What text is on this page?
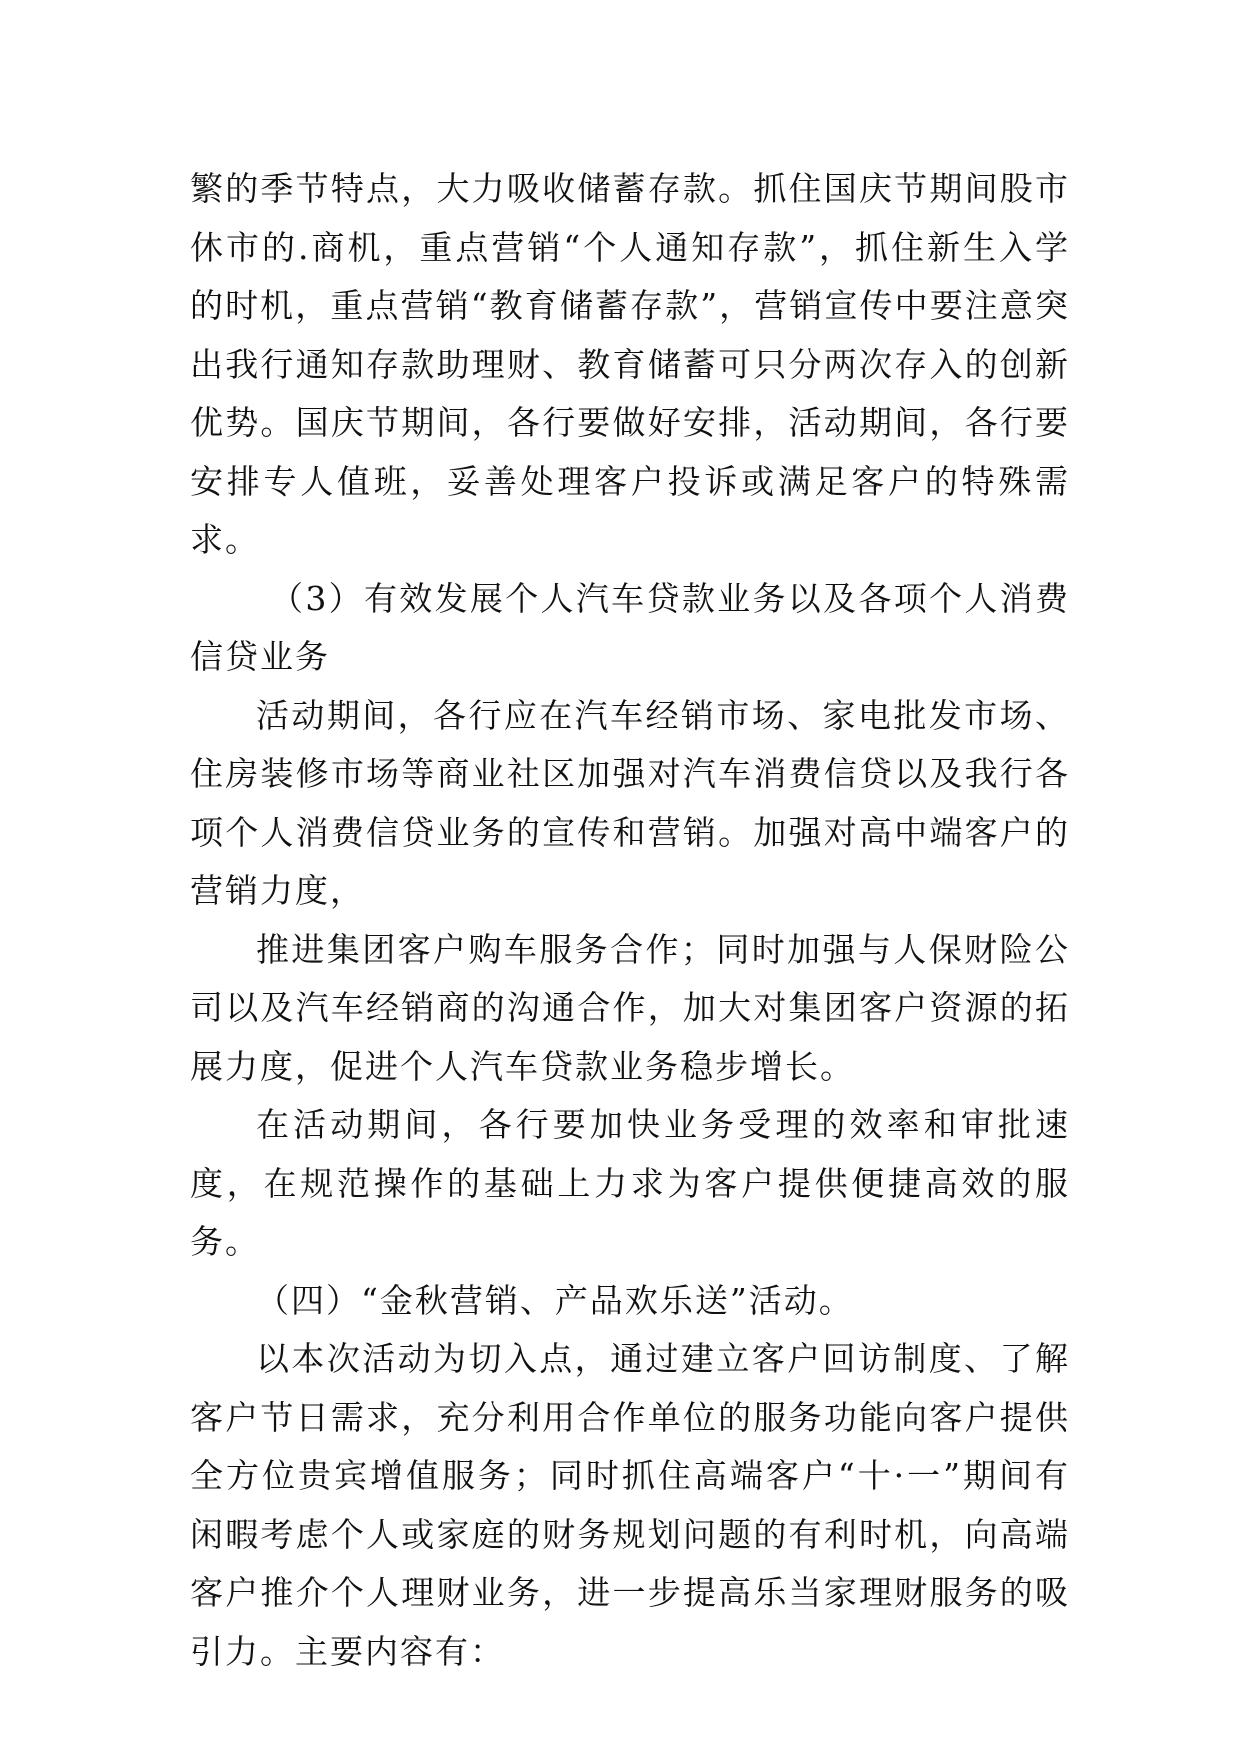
繁的季节特点，大力吸收储蓄存款。抓住国庆节期间股市休市的.商机，重点营销“个人通知存款”，抓住新生入学的时机，重点营销“教育储蓄存款”，营销宣传中要注意突出我行通知存款助理财、教育储蓄可只分两次存入的创新优势。国庆节期间，各行要做好安排，活动期间，各行要安排专人值班，妥善处理客户投诉或满足客户的特殊需求。

（3）有效发展个人汽车贷款业务以及各项个人消费信贷业务

活动期间，各行应在汽车经销市场、家电批发市场、住房装修市场等商业社区加强对汽车消费信贷以及我行各项个人消费信贷业务的宣传和营销。加强对高中端客户的营销力度，

推进集团客户购车服务合作；同时加强与人保财险公司以及汽车经销商的沟通合作，加大对集团客户资源的拓展力度，促进个人汽车贷款业务稳步增长。

在活动期间，各行要加快业务受理的效率和审批速度，在规范操作的基础上力求为客户提供便捷高效的服务。

（四）“金秋营销、产品欢乐送”活动。

以本次活动为切入点，通过建立客户回访制度、了解客户节日需求，充分利用合作单位的服务功能向客户提供全方位贵宾增值服务；同时抓住高端客户“十·一”期间有闲暇考虑个人或家庭的财务规划问题的有利时机，向高端客户推介个人理财业务，进一步提高乐当家理财服务的吸引力。主要内容有：
